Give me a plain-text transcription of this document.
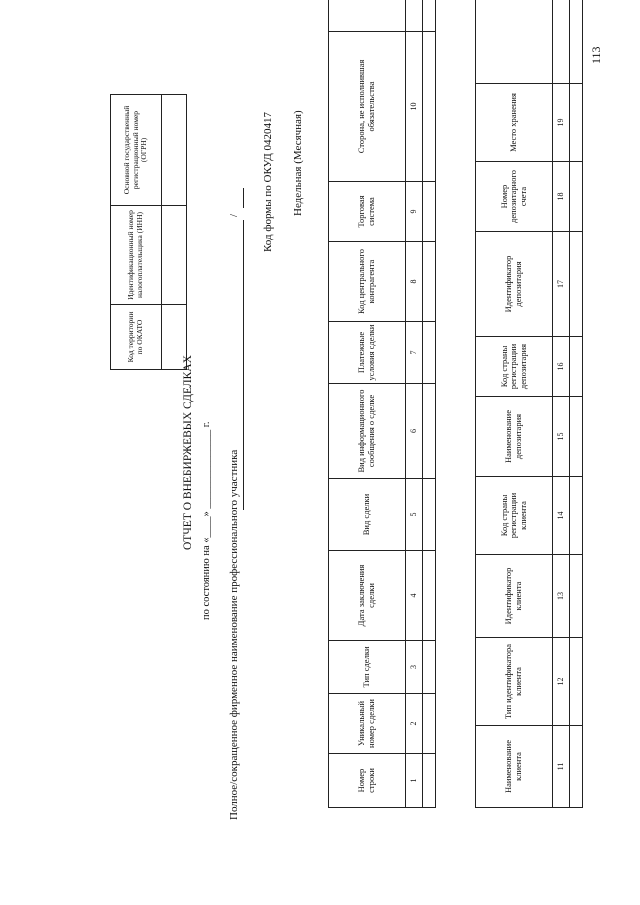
113
Код территории по ОКАТО	Идентификационный номер налогоплательщика (ИНН)	Основной государственный регистрационный номер (ОГРН)

ОТЧЕТ О ВНЕБИРЖЕВЫХ СДЕЛКАХ по состоянию на «____» _______________ г. Полное/сокращенное фирменное наименование профессионального участника
/ Код формы по ОКУД 0420417 Недельная (Месячная)
Номер строки	Уникальный номер сделки	Тип сделки	Дата заключения сделки	Вид сделки	Вид информационного сообщения о сделке	Платежные условия сделки	Код центрального контрагента	Торговая система	Сторона, не исполнившая обязательства	
1	2	3	4	5	6	7	8	9	10	

Наименование клиента	Тип идентификатора клиента	Идентификатор клиента	Код страны регистрации клиента	Наименование депозитария	Код страны регистрации депозитария	Идентификатор депозитария	Номер депозитарного счета	Место хранения	
11	12	13	14	15	16	17	18	19	
